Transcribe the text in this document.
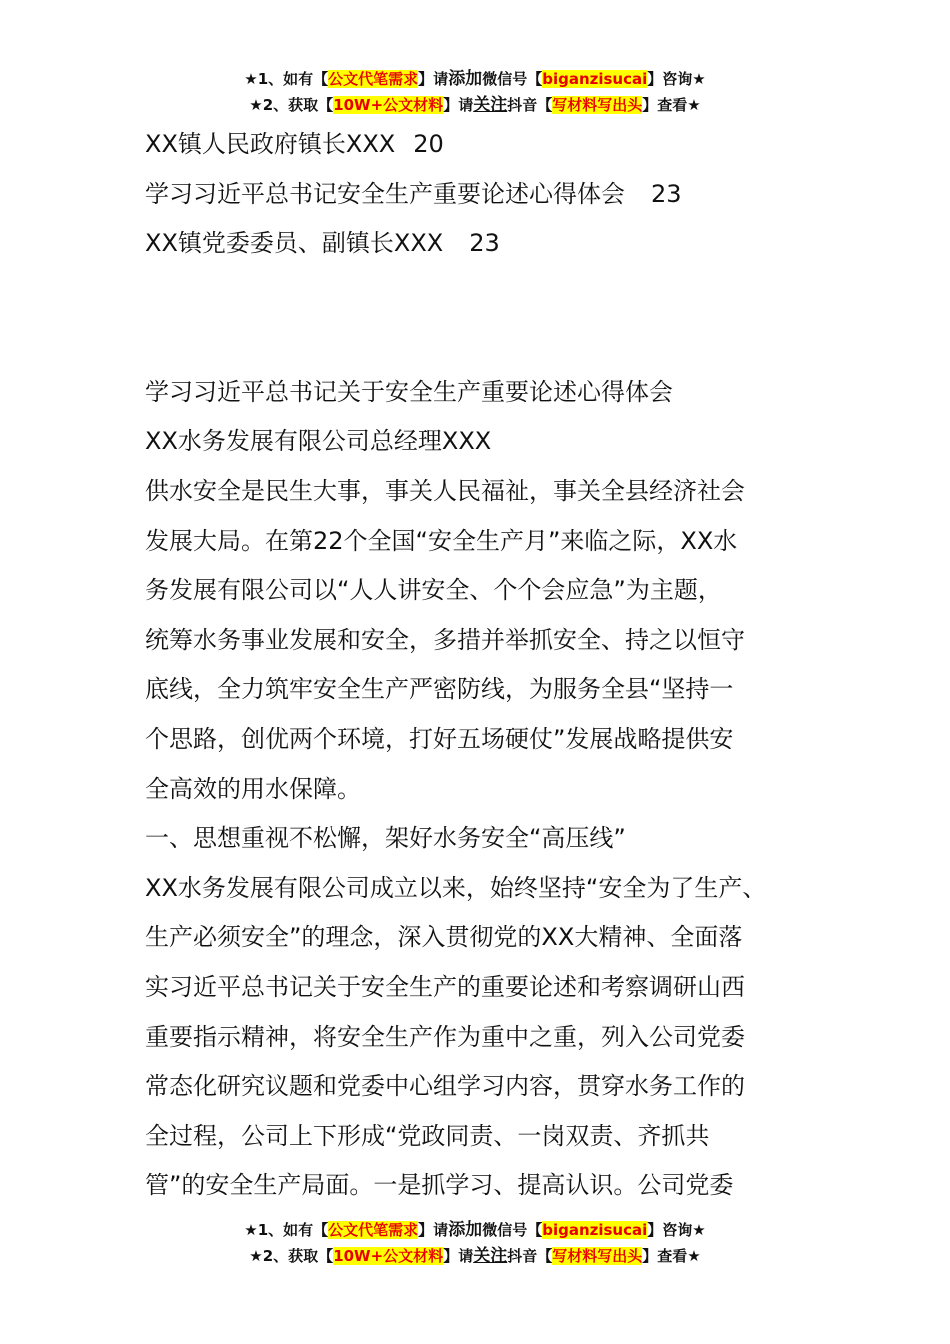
★1、如有【公文代笔需求】请添加微信号【biganzisucai】咨询★
★2、获取【10W+公文材料】请关注抖音【写材料写出头】查看★

XX镇人民政府镇长XXX 20

学习习近平总书记安全生产重要论述心得体会 23

XX镇党委委员、副镇长XXX 23

学习习近平总书记关于安全生产重要论述心得体会

XX水务发展有限公司总经理XXX

供水安全是民生大事，事关人民福祉，事关全县经济社会

发展大局。在第22个全国“安全生产月”来临之际，XX水

务发展有限公司以“人人讲安全、个个会应急”为主题，

统筹水务事业发展和安全，多措并举抓安全、持之以恒守

底线，全力筑牢安全生产严密防线，为服务全县“坚持一

个思路，创优两个环境，打好五场硬仗”发展战略提供安

全高效的用水保障。

一、思想重视不松懈，架好水务安全“高压线”

XX水务发展有限公司成立以来，始终坚持“安全为了生产、

生产必须安全”的理念，深入贯彻党的XX大精神、全面落

实习近平总书记关于安全生产的重要论述和考察调研山西

重要指示精神，将安全生产作为重中之重，列入公司党委

常态化研究议题和党委中心组学习内容，贯穿水务工作的

全过程，公司上下形成“党政同责、一岗双责、齐抓共

管”的安全生产局面。一是抓学习、提高认识。公司党委

★1、如有【公文代笔需求】请添加微信号【biganzisucai】咨询★
★2、获取【10W+公文材料】请关注抖音【写材料写出头】查看★
